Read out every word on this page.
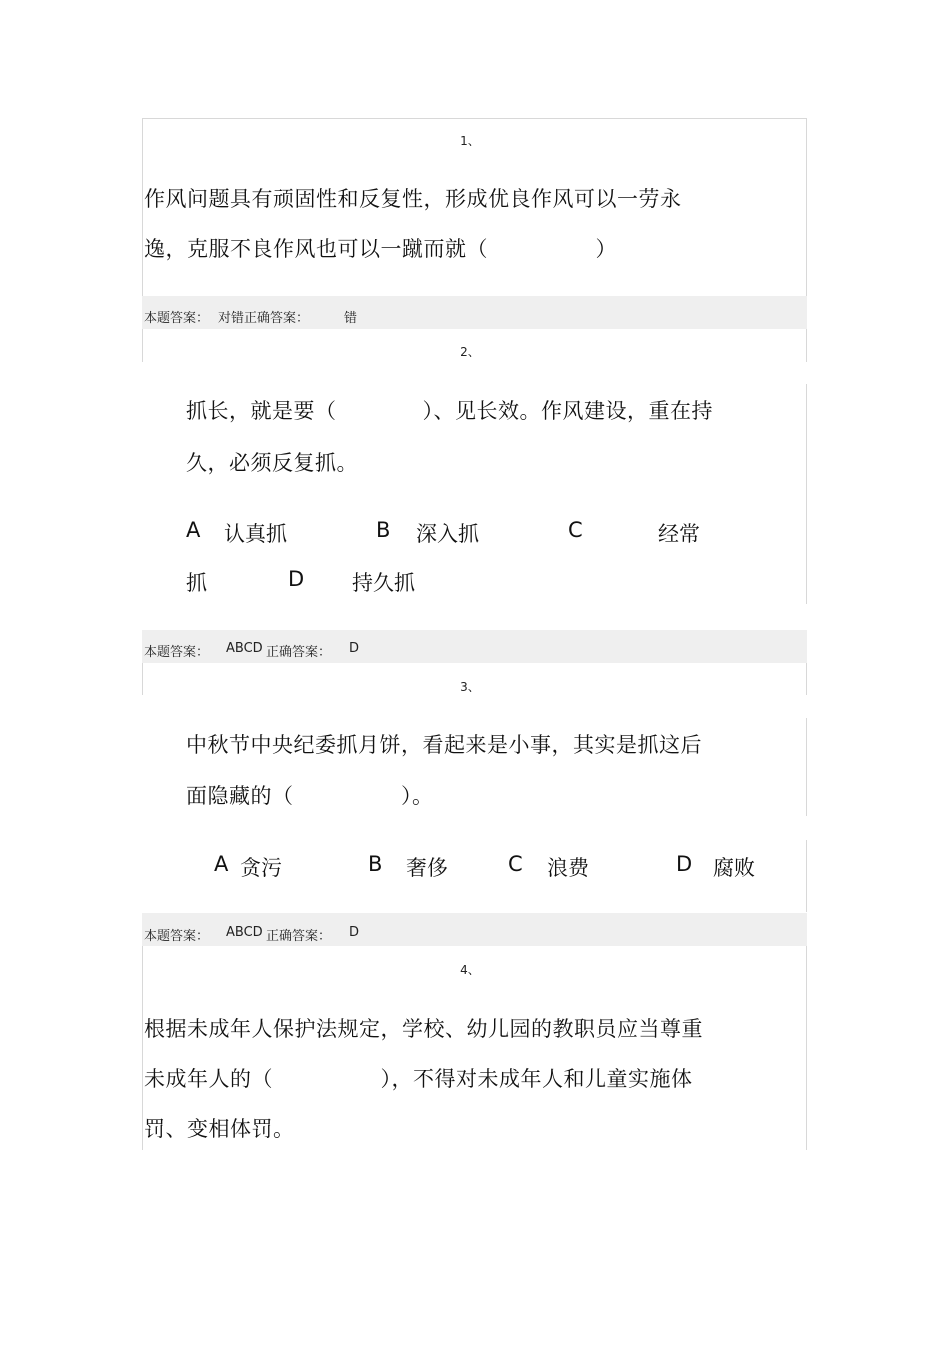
1、
作风问题具有顽固性和反复性，形成优良作风可以一劳永
逸，克服不良作风也可以一蹴而就（　　　　　）
本题答案： 对错 正确答案：	错
2、
抓长，就是要（　　　　）、见长效。作风建设，重在持
久，必须反复抓。
A 认真抓	B 深入抓	C	经常
抓	D 持久抓
本题答案： ABCD 正确答案： D
3、
中秋节中央纪委抓月饼，看起来是小事，其实是抓这后
面隐藏的（　　　　　）。
A 贪污	B 奢侈	C 浪费	D 腐败
本题答案： ABCD 正确答案： D
4、
根据未成年人保护法规定，学校、幼儿园的教职员应当尊重
未成年人的（　　　　　），不得对未成年人和儿童实施体
罚、变相体罚。
